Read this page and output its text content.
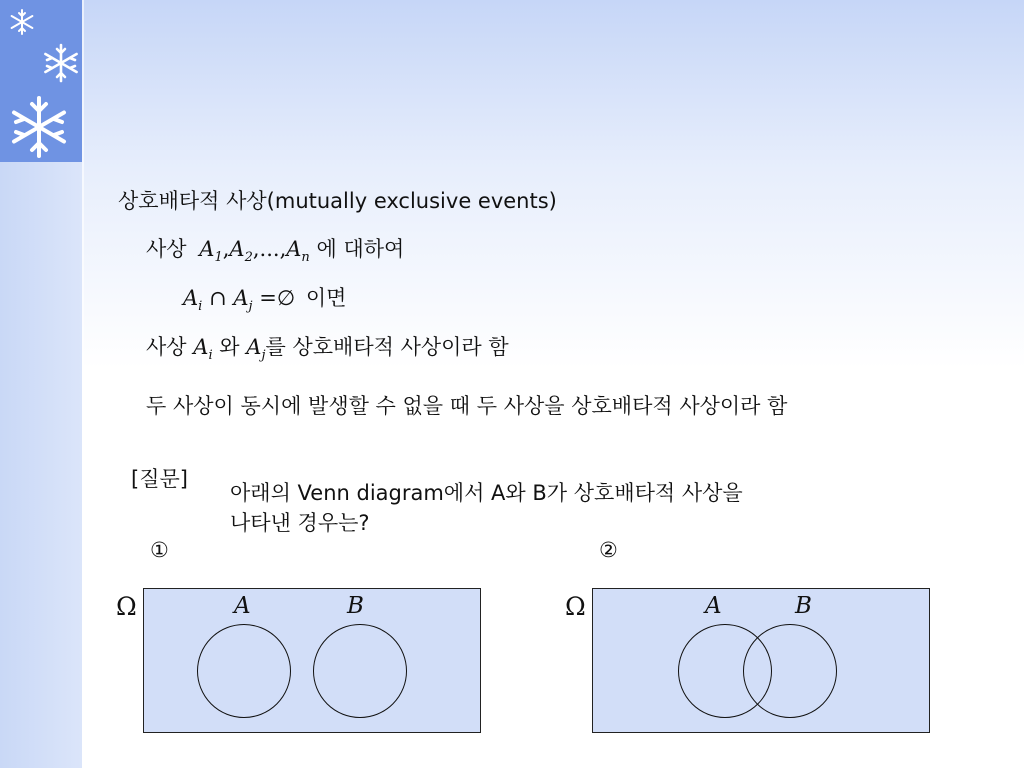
상호배타적 사상(mutually exclusive events)
사상 $A_1,A_2,...,A_n$ 에 대하여
$A_i$ ∩ $A_j$ =∅ 이면
사상 $A_i$ 와 $A_j$를 상호배타적 사상이라 함
두 사상이 동시에 발생할 수 없을 때 두 사상을 상호배타적 사상이라 함
[질문]
아래의 Venn diagram에서 A와 B가 상호배타적 사상을
나타낸 경우는?
①
Ω	A	B
②
Ω	A	B
